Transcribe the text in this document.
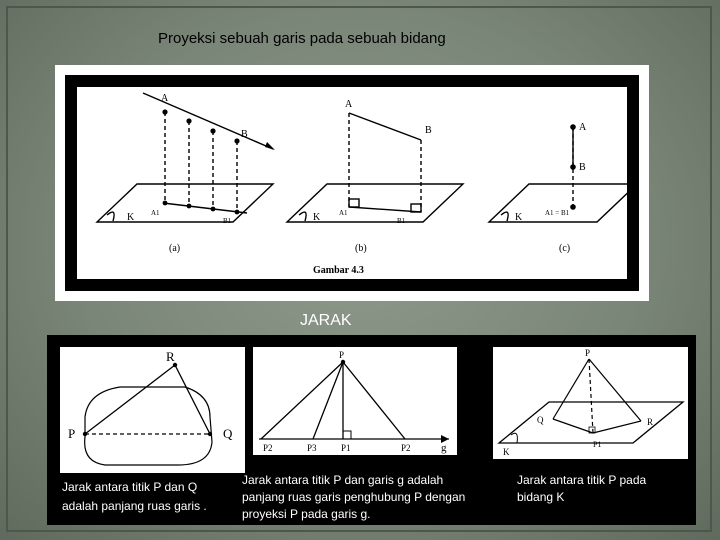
Proyeksi sebuah garis pada sebuah bidang
A
B
A1
B1
K
A
B
A1
B1
K
A
B
A1 = B1
K
(a)	(b)	(c)
Gambar 4.3
JARAK
R
P	Q
Jarak antara titik P dan Q
adalah panjang ruas garis .
P
P2	P3	P1	P2	g
Jarak antara titik P dan garis g adalah
panjang ruas garis penghubung P dengan
proyeksi P pada garis g.
P
Q	R
P1
K
Jarak antara titik P pada
bidang K
